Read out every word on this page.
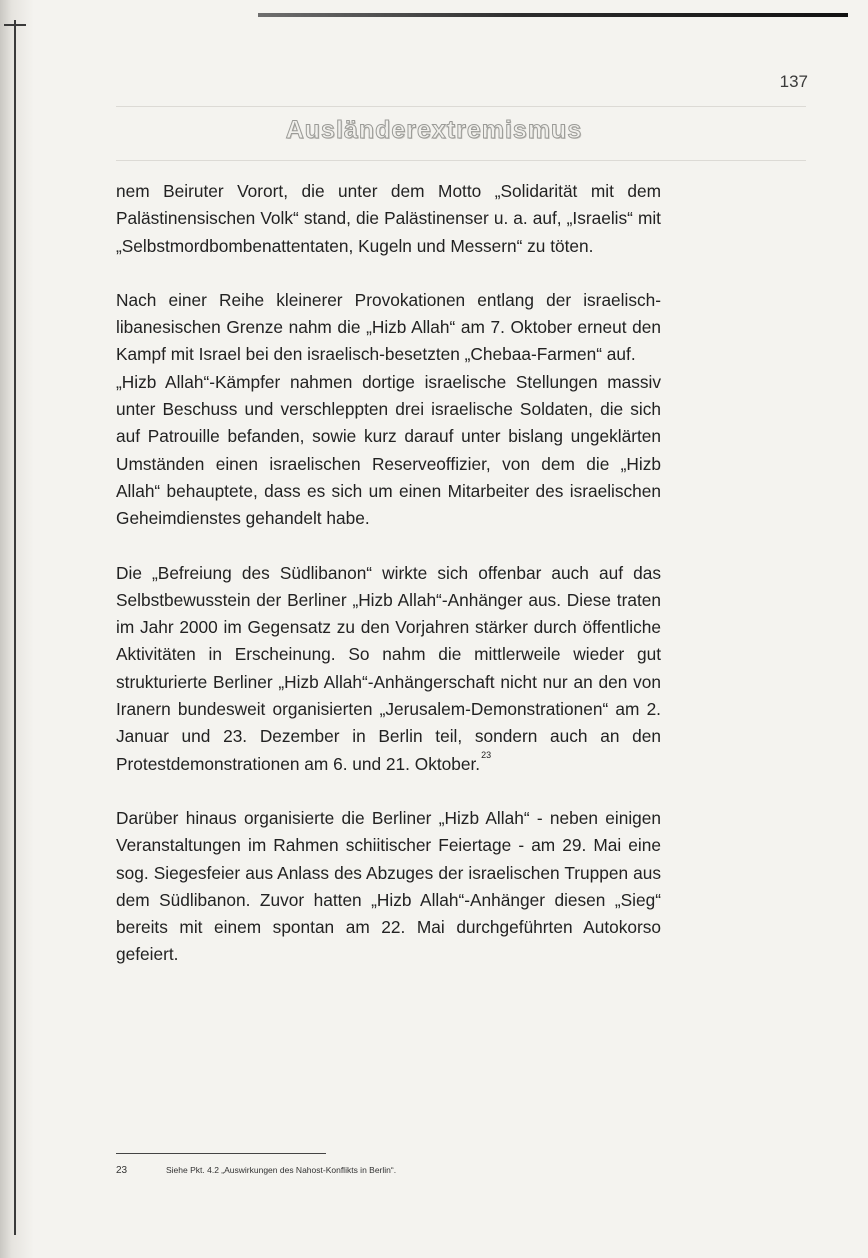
137
Ausländerextremismus

nem Beiruter Vorort, die unter dem Motto „Solidarität mit dem Palästinensischen Volk“ stand, die Palästinenser u. a. auf, „Israelis“ mit „Selbstmordbombenattentaten, Kugeln und Messern“ zu töten.

Nach einer Reihe kleinerer Provokationen entlang der israelisch-libanesischen Grenze nahm die „Hizb Allah“ am 7. Oktober erneut den Kampf mit Israel bei den israelisch-besetzten „Chebaa-Farmen“ auf.

„Hizb Allah“-Kämpfer nahmen dortige israelische Stellungen massiv unter Beschuss und verschleppten drei israelische Soldaten, die sich auf Patrouille befanden, sowie kurz darauf unter bislang ungeklärten Umständen einen israelischen Reserveoffizier, von dem die „Hizb Allah“ behauptete, dass es sich um einen Mitarbeiter des israelischen Geheimdienstes gehandelt habe.

Die „Befreiung des Südlibanon“ wirkte sich offenbar auch auf das Selbstbewusstein der Berliner „Hizb Allah“-Anhänger aus. Diese traten im Jahr 2000 im Gegensatz zu den Vorjahren stärker durch öffentliche Aktivitäten in Erscheinung. So nahm die mittlerweile wieder gut strukturierte Berliner „Hizb Allah“-Anhängerschaft nicht nur an den von Iranern bundesweit organisierten „Jerusalem-Demonstrationen“ am 2. Januar und 23. Dezember in Berlin teil, sondern auch an den Protestdemonstrationen am 6. und 21. Oktober.$^{23}$

Darüber hinaus organisierte die Berliner „Hizb Allah“ - neben einigen Veranstaltungen im Rahmen schiitischer Feiertage - am 29. Mai eine sog. Siegesfeier aus Anlass des Abzuges der israelischen Truppen aus dem Südlibanon. Zuvor hatten „Hizb Allah“-Anhänger diesen „Sieg“ bereits mit einem spontan am 22. Mai durchgeführten Autokorso gefeiert.

23	Siehe Pkt. 4.2 „Auswirkungen des Nahost-Konflikts in Berlin“.
